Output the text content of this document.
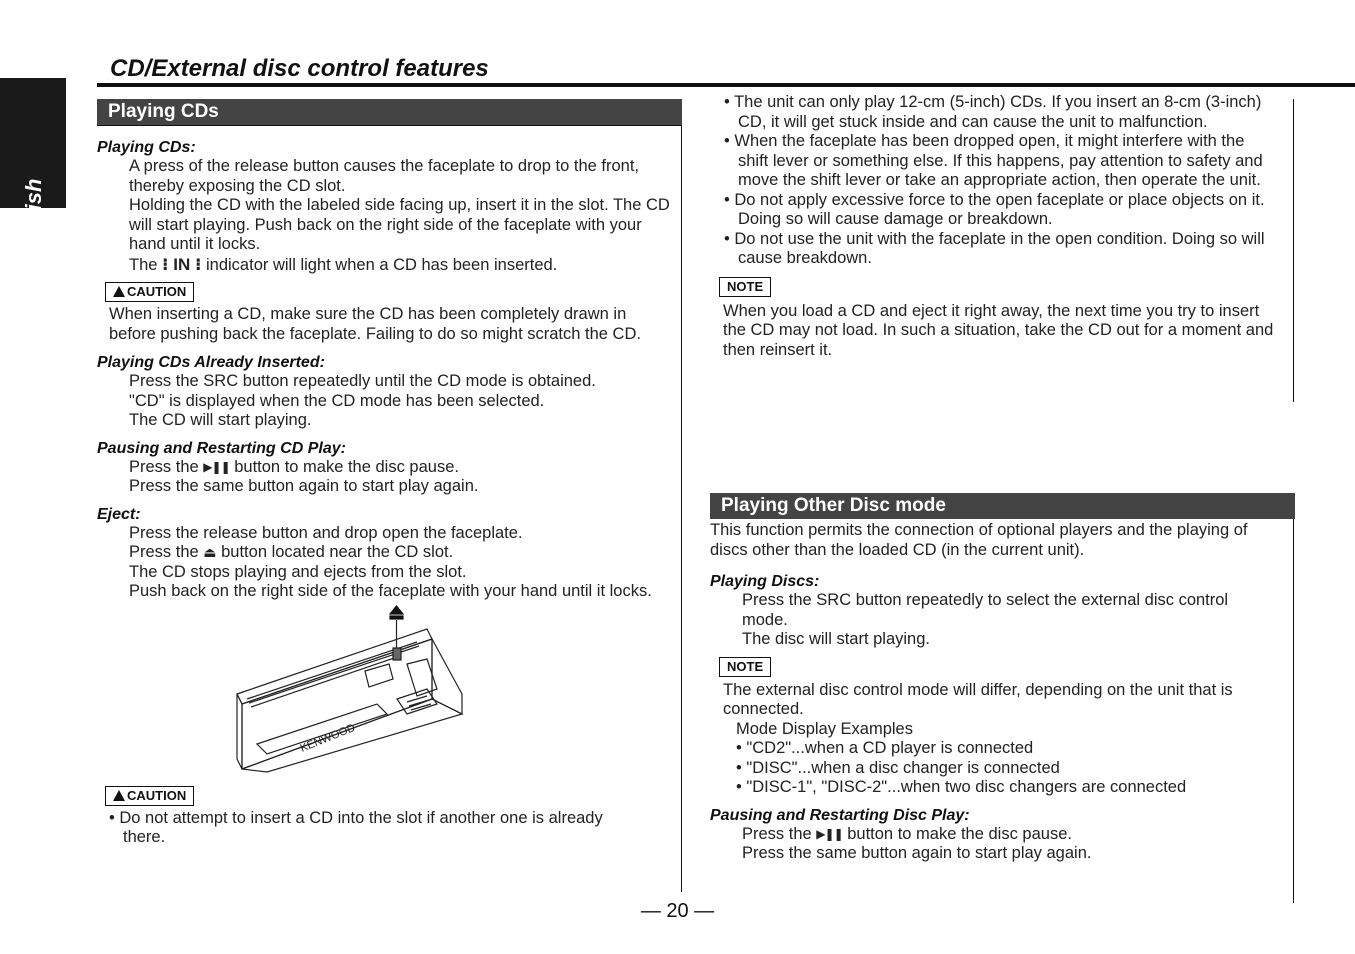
English
CD/External disc control features
Playing CDs
Playing CDs:

A press of the release button causes the faceplate to drop to the front, thereby exposing the CD slot.

Holding the CD with the labeled side facing up, insert it in the slot. The CD will start playing. Push back on the right side of the faceplate with your hand until it locks.

The ⁝ IN ⁝ indicator will light when a CD has been inserted.

CAUTION

When inserting a CD, make sure the CD has been completely drawn in before pushing back the faceplate. Failing to do so might scratch the CD.

Playing CDs Already Inserted:

Press the SRC button repeatedly until the CD mode is obtained.

"CD" is displayed when the CD mode has been selected.

The CD will start playing.

Pausing and Restarting CD Play:

Press the ▶❚❚ button to make the disc pause.

Press the same button again to start play again.

Eject:

Press the release button and drop open the faceplate.

Press the ⏏ button located near the CD slot.

The CD stops playing and ejects from the slot.

Push back on the right side of the faceplate with your hand until it locks.

KENWOOD
CAUTION

• Do not attempt to insert a CD into the slot if another one is already there.

• The unit can only play 12-cm (5-inch) CDs. If you insert an 8-cm (3-inch) CD, it will get stuck inside and can cause the unit to malfunction.

• When the faceplate has been dropped open, it might interfere with the shift lever or something else. If this happens, pay attention to safety and move the shift lever or take an appropriate action, then operate the unit.

• Do not apply excessive force to the open faceplate or place objects on it. Doing so will cause damage or breakdown.

• Do not use the unit with the faceplate in the open condition. Doing so will cause breakdown.

NOTE

When you load a CD and eject it right away, the next time you try to insert the CD may not load. In such a situation, take the CD out for a moment and then reinsert it.

Playing Other Disc mode

This function permits the connection of optional players and the playing of discs other than the loaded CD (in the current unit).

Playing Discs:

Press the SRC button repeatedly to select the external disc control mode.

The disc will start playing.

NOTE

The external disc control mode will differ, depending on the unit that is connected.

Mode Display Examples

• "CD2"...when a CD player is connected

• "DISC"...when a disc changer is connected

• "DISC-1", "DISC-2"...when two disc changers are connected

Pausing and Restarting Disc Play:

Press the ▶❚❚ button to make the disc pause.

Press the same button again to start play again.

— 20 —
